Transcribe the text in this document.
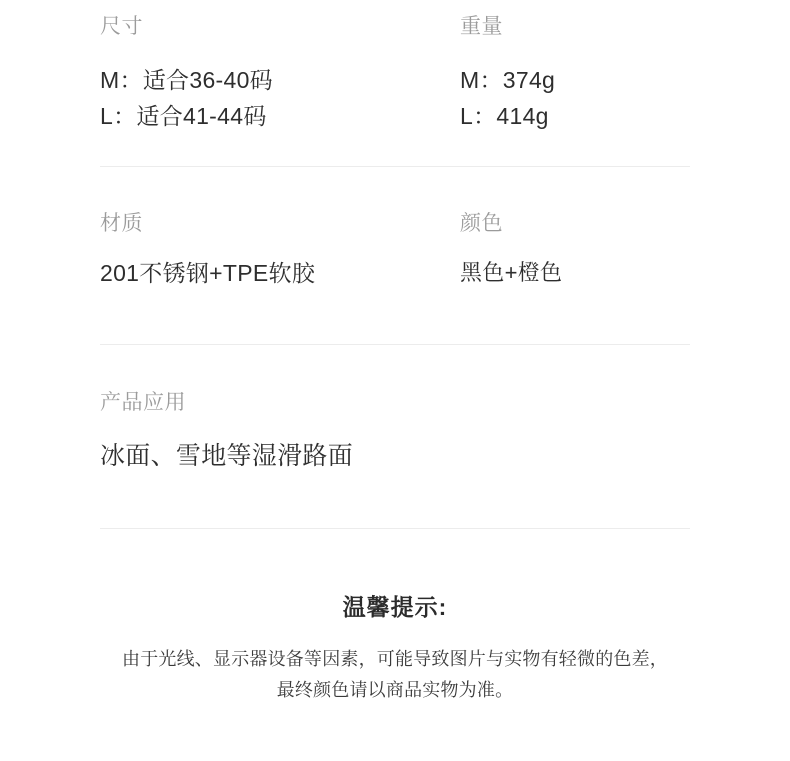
尺寸
M：适合36-40码
L：适合41-44码
重量
M：374g
L：414g
材质
201不锈钢+TPE软胶
颜色
黑色+橙色
产品应用
冰面、雪地等湿滑路面
温馨提示:
由于光线、显示器设备等因素，可能导致图片与实物有轻微的色差，
最终颜色请以商品实物为准。
